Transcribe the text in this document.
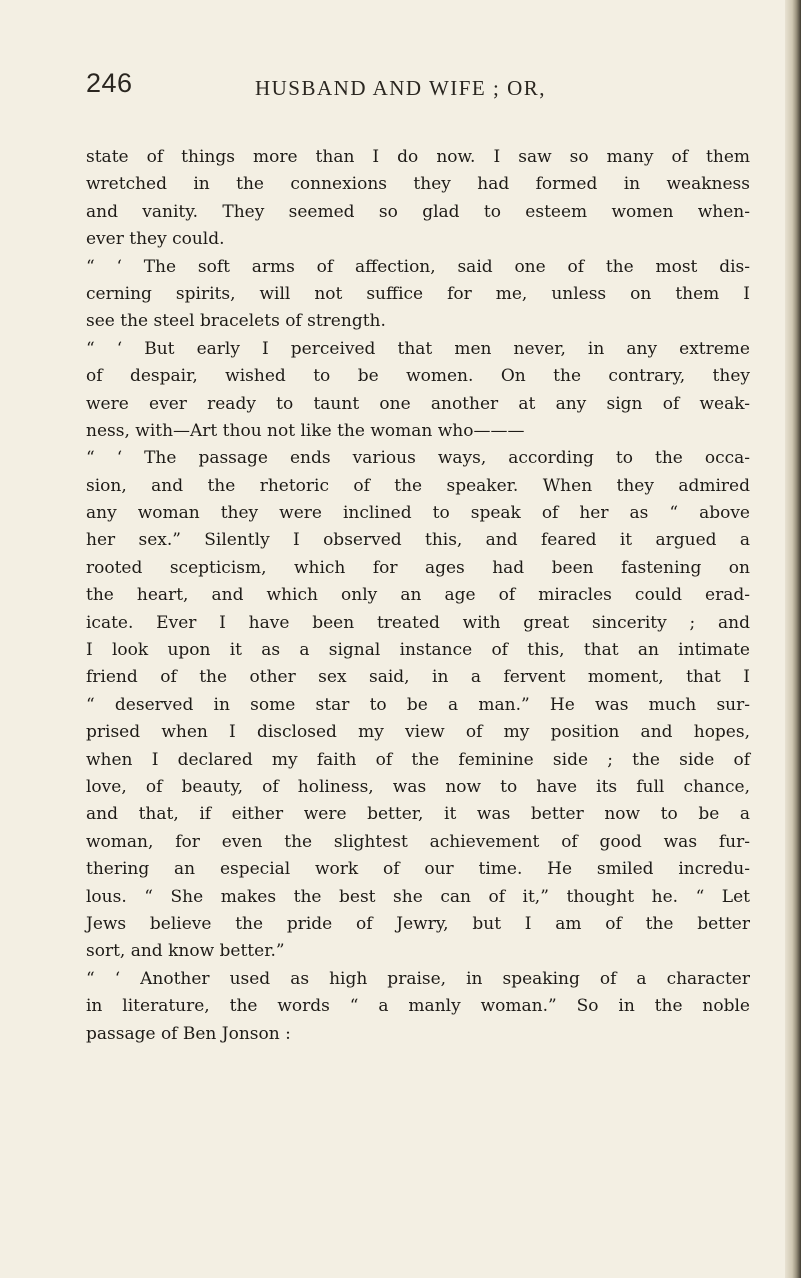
246	HUSBAND AND WIFE ; OR,
state of things more than I do now. I saw so many of them
wretched in the connexions they had formed in weakness
and vanity. They seemed so glad to esteem women when-
ever they could.
“ ‘ The soft arms of affection, said one of the most dis-
cerning spirits, will not suffice for me, unless on them I
see the steel bracelets of strength.
“ ‘ But early I perceived that men never, in any extreme
of despair, wished to be women. On the contrary, they
were ever ready to taunt one another at any sign of weak-
ness, with—Art thou not like the woman who———
“ ‘ The passage ends various ways, according to the occa-
sion, and the rhetoric of the speaker. When they admired
any woman they were inclined to speak of her as “ above
her sex.” Silently I observed this, and feared it argued a
rooted scepticism, which for ages had been fastening on
the heart, and which only an age of miracles could erad-
icate. Ever I have been treated with great sincerity ; and
I look upon it as a signal instance of this, that an intimate
friend of the other sex said, in a fervent moment, that I
“ deserved in some star to be a man.” He was much sur-
prised when I disclosed my view of my position and hopes,
when I declared my faith of the feminine side ; the side of
love, of beauty, of holiness, was now to have its full chance,
and that, if either were better, it was better now to be a
woman, for even the slightest achievement of good was fur-
thering an especial work of our time. He smiled incredu-
lous. “ She makes the best she can of it,” thought he. “ Let
Jews believe the pride of Jewry, but I am of the better
sort, and know better.”
“ ‘ Another used as high praise, in speaking of a character
in literature, the words “ a manly woman.” So in the noble
passage of Ben Jonson :
